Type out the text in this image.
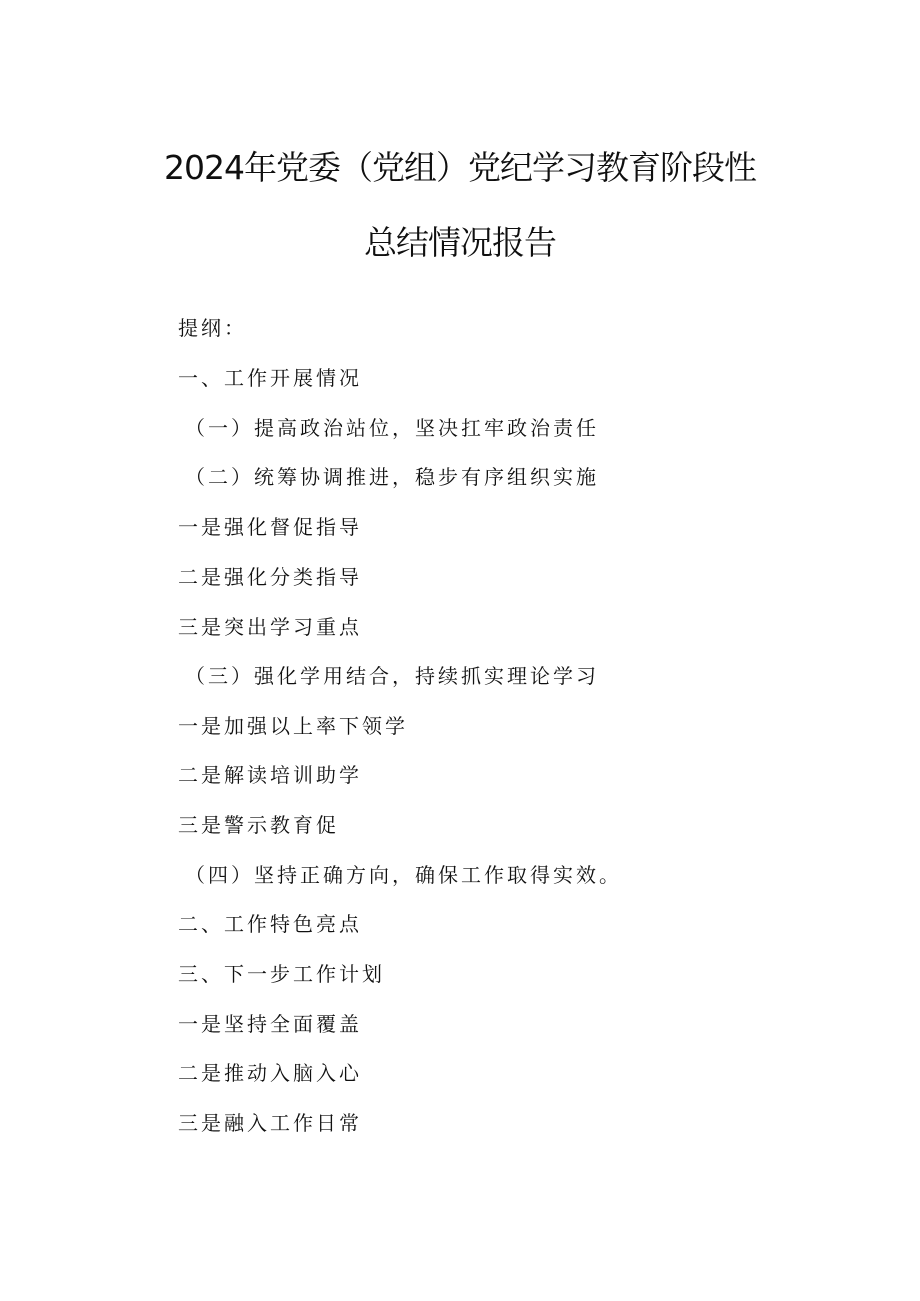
2024年党委（党组）党纪学习教育阶段性
总结情况报告
提纲：
一、工作开展情况
（一）提高政治站位，坚决扛牢政治责任
（二）统筹协调推进，稳步有序组织实施
一是强化督促指导
二是强化分类指导
三是突出学习重点
（三）强化学用结合，持续抓实理论学习
一是加强以上率下领学
二是解读培训助学
三是警示教育促
（四）坚持正确方向，确保工作取得实效。
二、工作特色亮点
三、下一步工作计划
一是坚持全面覆盖
二是推动入脑入心
三是融入工作日常
